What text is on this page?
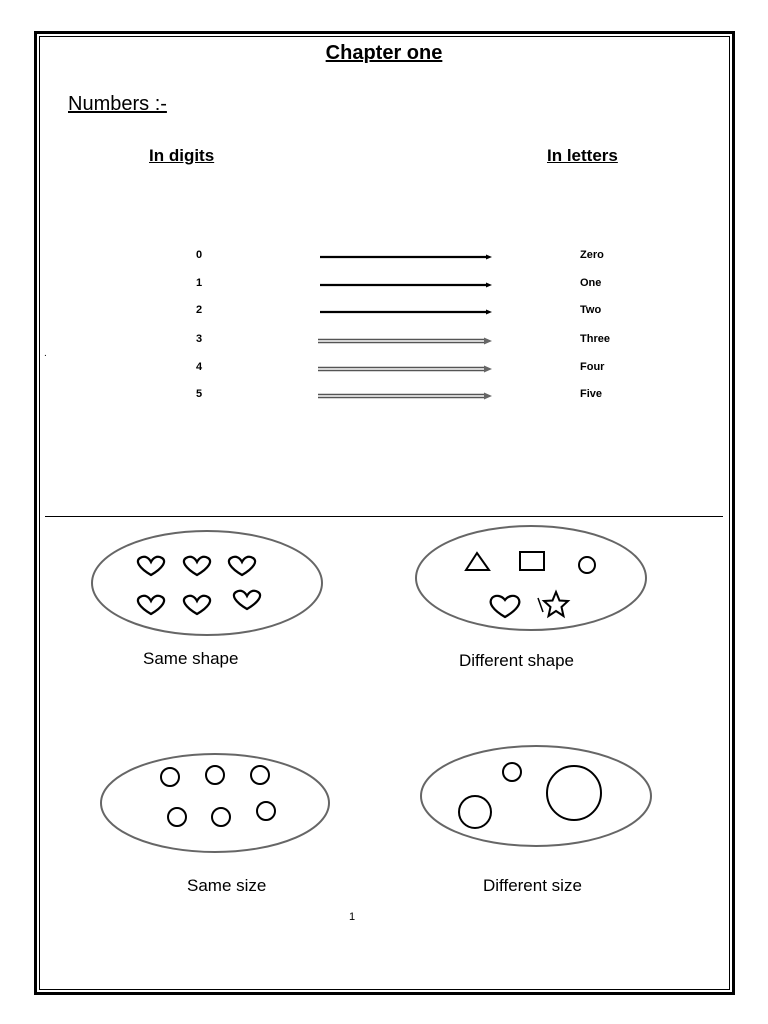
Chapter one
Numbers :-
In digits	In letters
0	Zero
1	One
2	Two
3	Three
4	Four
5	Five
.
Same shape	Different shape
Same size	Different size
1
